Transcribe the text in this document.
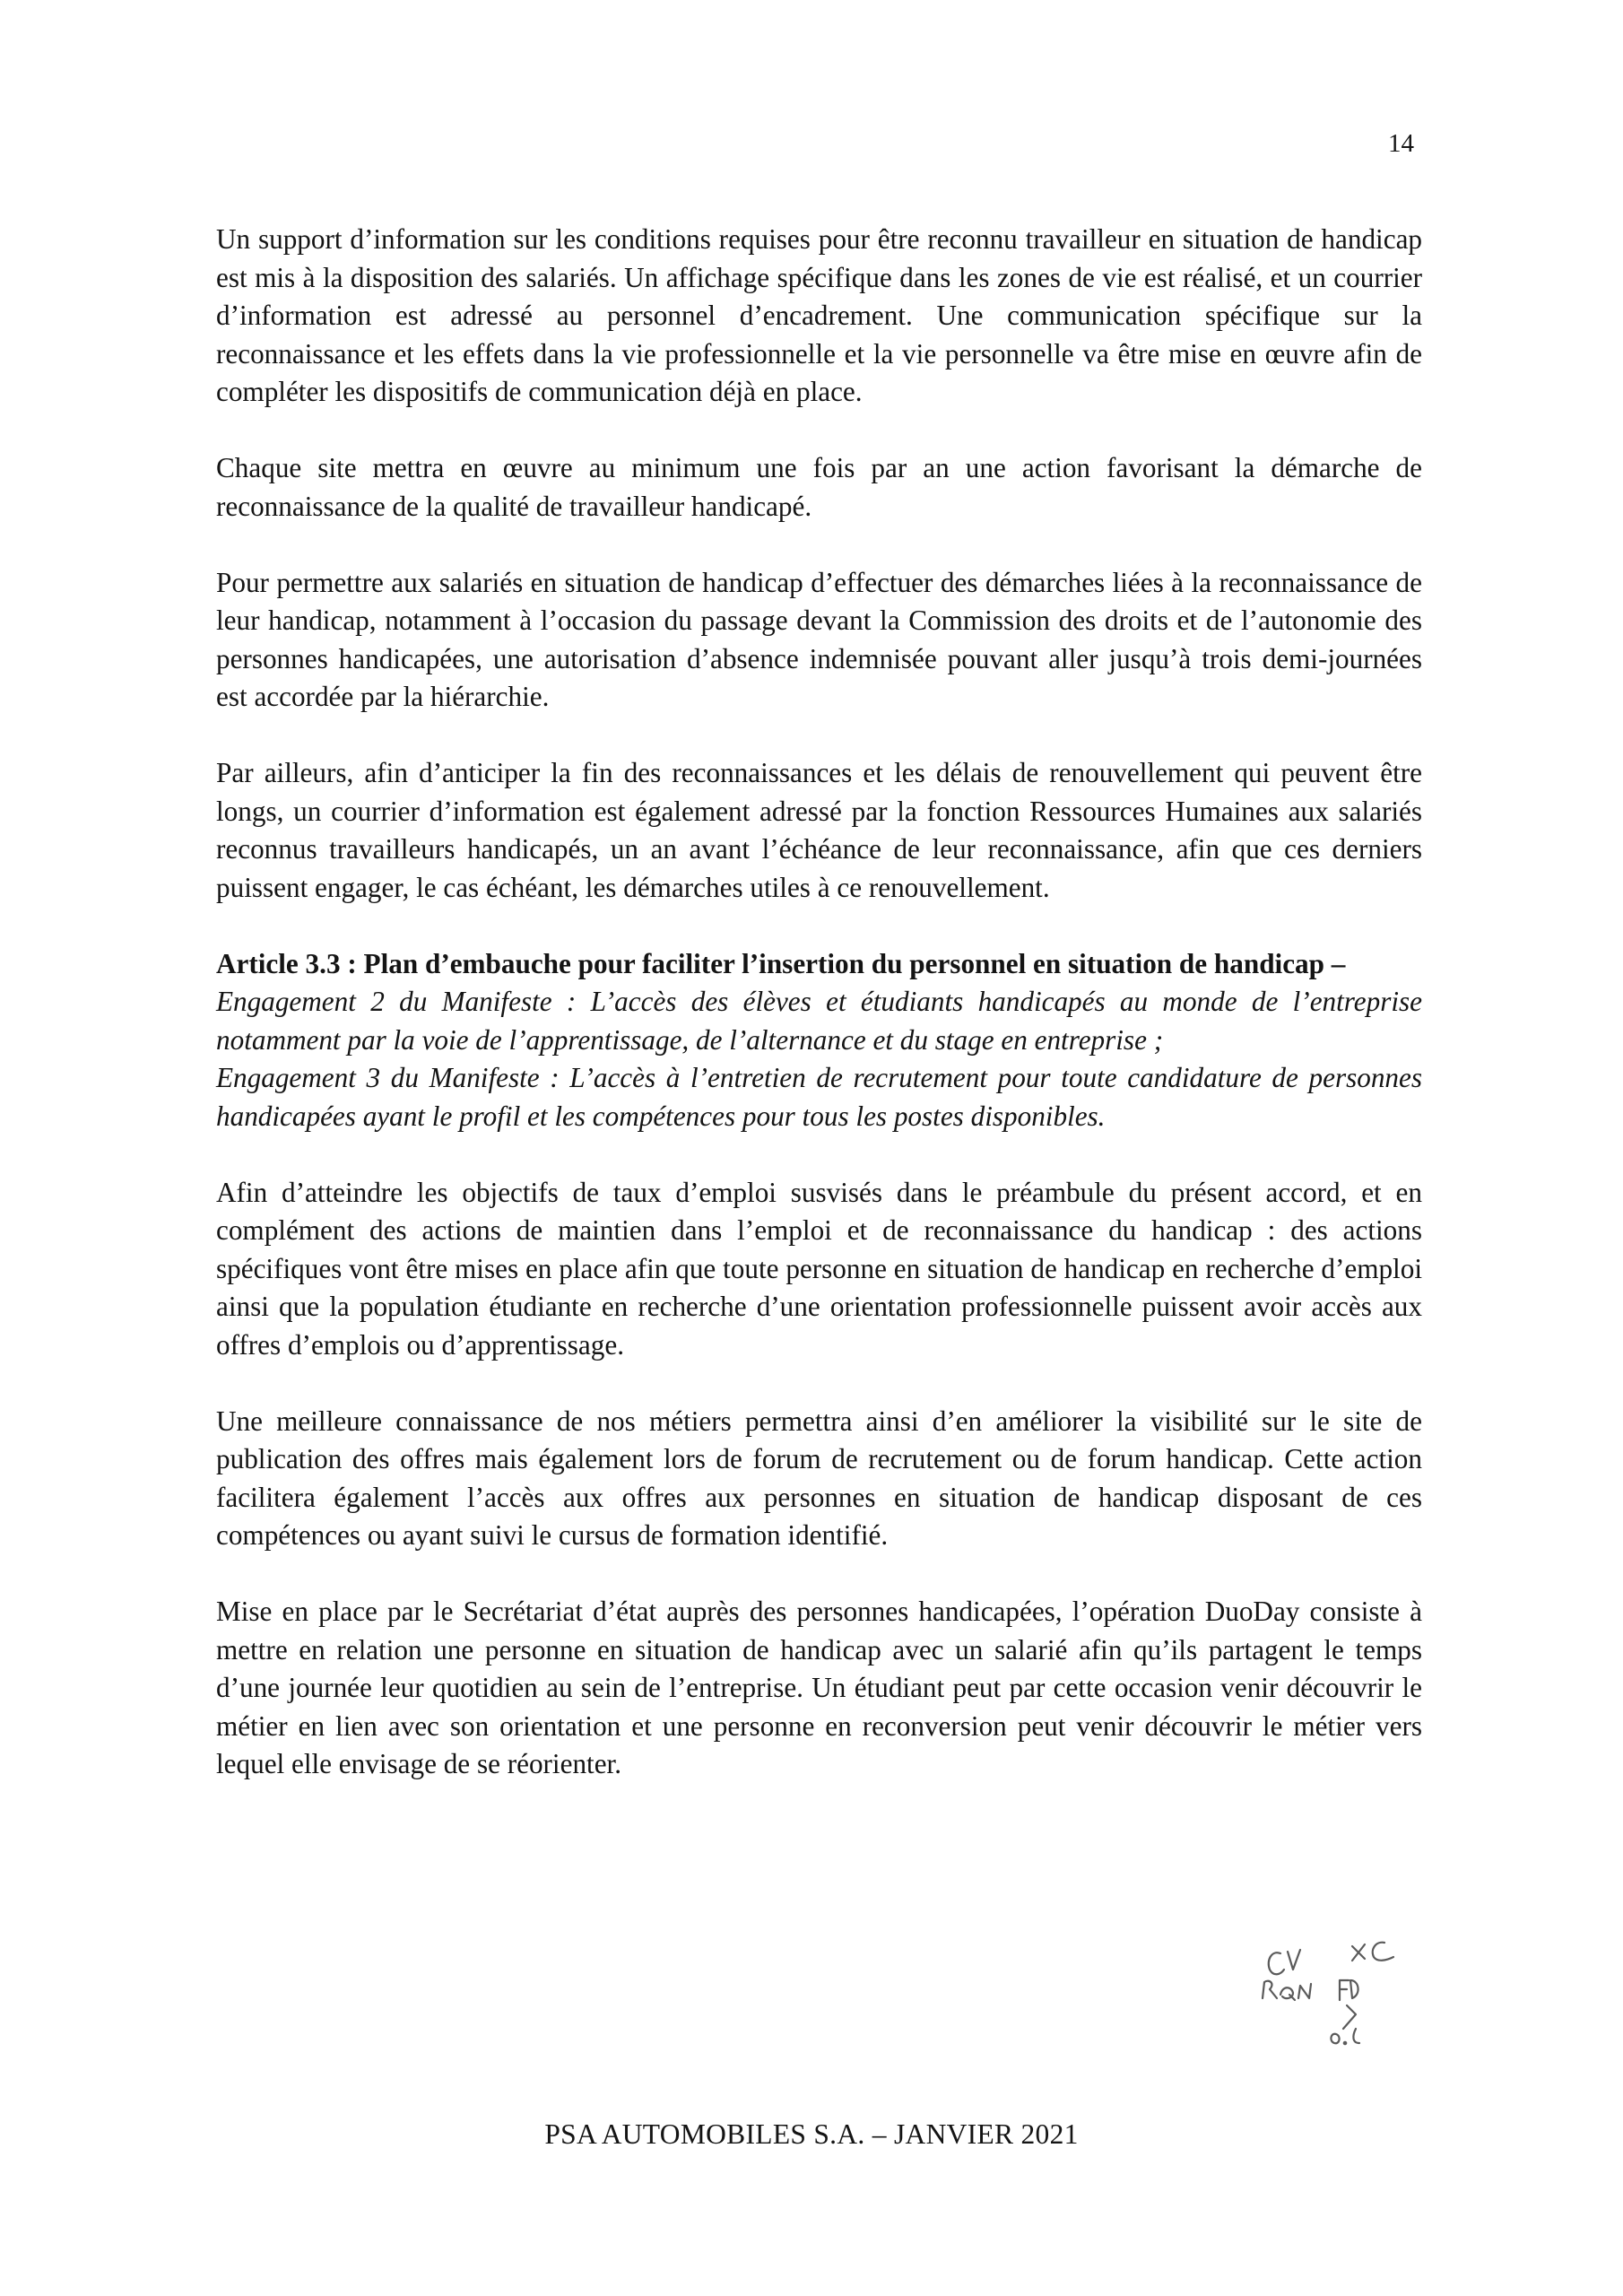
14

Un support d’information sur les conditions requises pour être reconnu travailleur en situation de handicap est mis à la disposition des salariés. Un affichage spécifique dans les zones de vie est réalisé, et un courrier d’information est adressé au personnel d’encadrement. Une communication spécifique sur la reconnaissance et les effets dans la vie professionnelle et la vie personnelle va être mise en œuvre afin de compléter les dispositifs de communication déjà en place.

Chaque site mettra en œuvre au minimum une fois par an une action favorisant la démarche de reconnaissance de la qualité de travailleur handicapé.

Pour permettre aux salariés en situation de handicap d’effectuer des démarches liées à la reconnaissance de leur handicap, notamment à l’occasion du passage devant la Commission des droits et de l’autonomie des personnes handicapées, une autorisation d’absence indemnisée pouvant aller jusqu’à trois demi-journées est accordée par la hiérarchie.

Par ailleurs, afin d’anticiper la fin des reconnaissances et les délais de renouvellement qui peuvent être longs, un courrier d’information est également adressé par la fonction Ressources Humaines aux salariés reconnus travailleurs handicapés, un an avant l’échéance de leur reconnaissance, afin que ces derniers puissent engager, le cas échéant, les démarches utiles à ce renouvellement.

Article 3.3 : Plan d’embauche pour faciliter l’insertion du personnel en situation de handicap –

Engagement 2 du Manifeste : L’accès des élèves et étudiants handicapés au monde de l’entreprise notamment par la voie de l’apprentissage, de l’alternance et du stage en entreprise ;

Engagement 3 du Manifeste : L’accès à l’entretien de recrutement pour toute candidature de personnes handicapées ayant le profil et les compétences pour tous les postes disponibles.

Afin d’atteindre les objectifs de taux d’emploi susvisés dans le préambule du présent accord, et en complément des actions de maintien dans l’emploi et de reconnaissance du handicap : des actions spécifiques vont être mises en place afin que toute personne en situation de handicap en recherche d’emploi ainsi que la population étudiante en recherche d’une orientation professionnelle puissent avoir accès aux offres d’emplois ou d’apprentissage.

Une meilleure connaissance de nos métiers permettra ainsi d’en améliorer la visibilité sur le site de publication des offres mais également lors de forum de recrutement ou de forum handicap. Cette action facilitera également l’accès aux offres aux personnes en situation de handicap disposant de ces compétences ou ayant suivi le cursus de formation identifié.

Mise en place par le Secrétariat d’état auprès des personnes handicapées, l’opération DuoDay consiste à mettre en relation une personne en situation de handicap avec un salarié afin qu’ils partagent le temps d’une journée leur quotidien au sein de l’entreprise. Un étudiant peut par cette occasion venir découvrir le métier en lien avec son orientation et une personne en reconversion peut venir découvrir le métier vers lequel elle envisage de se réorienter.

PSA AUTOMOBILES S.A. – JANVIER 2021
